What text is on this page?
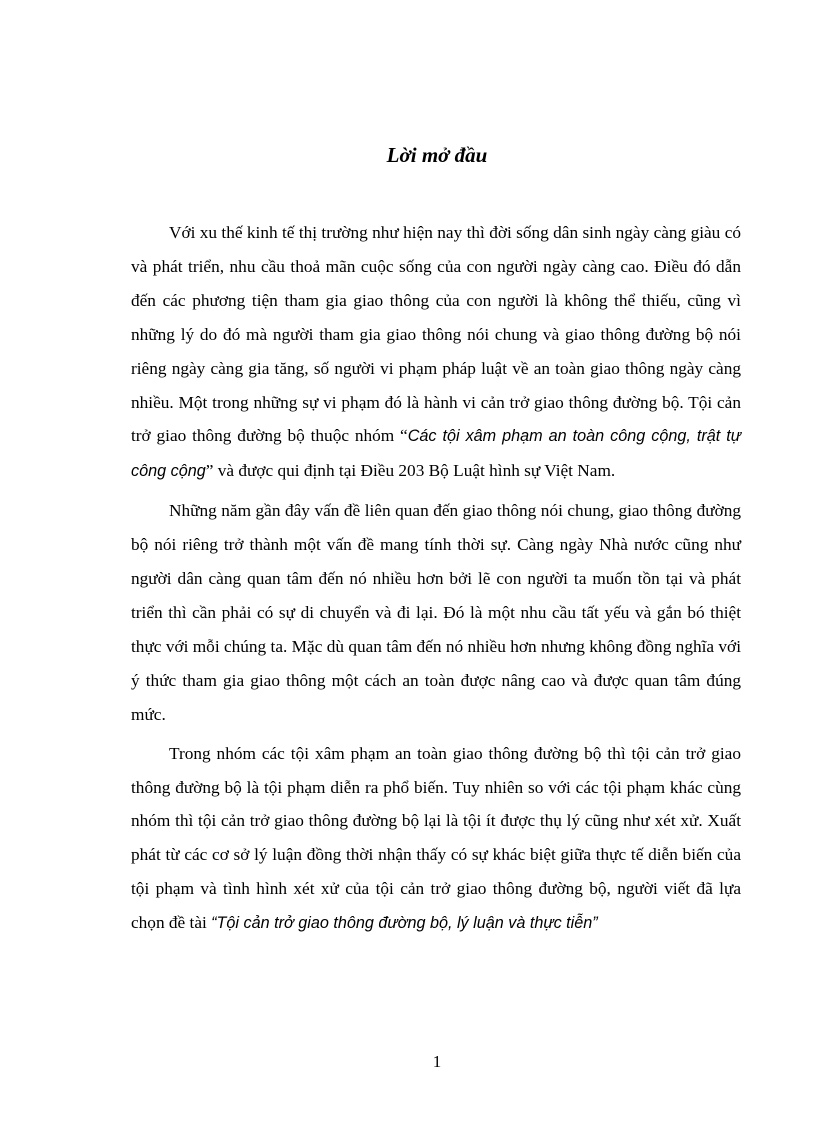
Lời mở đầu

Với xu thế kinh tế thị trường như hiện nay thì đời sống dân sinh ngày càng giàu có và phát triển, nhu cầu thoả mãn cuộc sống của con người ngày càng cao. Điều đó dẫn đến các phương tiện tham gia giao thông của con người là không thể thiếu, cũng vì những lý do đó mà người tham gia giao thông nói chung và giao thông đường bộ nói riêng ngày càng gia tăng, số người vi phạm pháp luật về an toàn giao thông ngày càng nhiều. Một trong những sự vi phạm đó là hành vi cản trở giao thông đường bộ. Tội cản trở giao thông đường bộ thuộc nhóm “Các tội xâm phạm an toàn công cộng, trật tự công cộng” và được qui định tại Điều 203 Bộ Luật hình sự Việt Nam.

Những năm gần đây vấn đề liên quan đến giao thông nói chung, giao thông đường bộ nói riêng trở thành một vấn đề mang tính thời sự. Càng ngày Nhà nước cũng như người dân càng quan tâm đến nó nhiều hơn bởi lẽ con người ta muốn tồn tại và phát triển thì cần phải có sự di chuyển và đi lại. Đó là một nhu cầu tất yếu và gắn bó thiệt thực với mỗi chúng ta. Mặc dù quan tâm đến nó nhiều hơn nhưng không đồng nghĩa với ý thức tham gia giao thông một cách an toàn được nâng cao và được quan tâm đúng mức.

Trong nhóm các tội xâm phạm an toàn giao thông đường bộ thì tội cản trở giao thông đường bộ là tội phạm diễn ra phổ biến. Tuy nhiên so với các tội phạm khác cùng nhóm thì tội cản trở giao thông đường bộ lại là tội ít được thụ lý cũng như xét xử. Xuất phát từ các cơ sở lý luận đồng thời nhận thấy có sự khác biệt giữa thực tế diễn biến của tội phạm và tình hình xét xử của tội cản trở giao thông đường bộ, người viết đã lựa chọn đề tài “Tội cản trở giao thông đường bộ, lý luận và thực tiễn”

1
